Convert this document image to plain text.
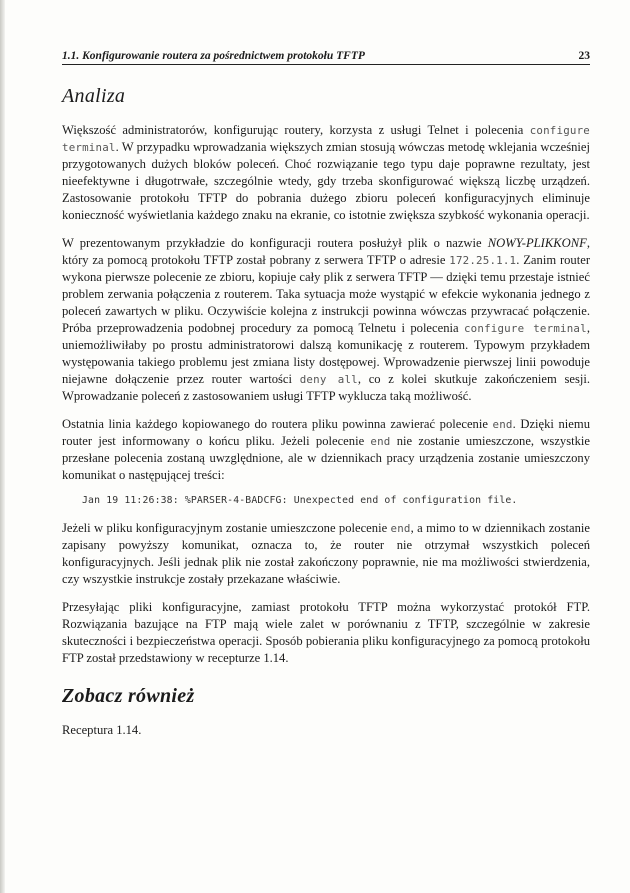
1.1. Konfigurowanie routera za pośrednictwem protokołu TFTP	23
Analiza

Większość administratorów, konfigurując routery, korzysta z usługi Telnet i polecenia configure terminal. W przypadku wprowadzania większych zmian stosują wówczas metodę wklejania wcześniej przygotowanych dużych bloków poleceń. Choć rozwiązanie tego typu daje poprawne rezultaty, jest nieefektywne i długotrwałe, szczególnie wtedy, gdy trzeba skonfigurować większą liczbę urządzeń. Zastosowanie protokołu TFTP do pobrania dużego zbioru poleceń konfiguracyjnych eliminuje konieczność wyświetlania każdego znaku na ekranie, co istotnie zwiększa szybkość wykonania operacji.

W prezentowanym przykładzie do konfiguracji routera posłużył plik o nazwie NOWY-PLIKKONF, który za pomocą protokołu TFTP został pobrany z serwera TFTP o adresie 172.25.1.1. Zanim router wykona pierwsze polecenie ze zbioru, kopiuje cały plik z serwera TFTP — dzięki temu przestaje istnieć problem zerwania połączenia z routerem. Taka sytuacja może wystąpić w efekcie wykonania jednego z poleceń zawartych w pliku. Oczywiście kolejna z instrukcji powinna wówczas przywracać połączenie. Próba przeprowadzenia podobnej procedury za pomocą Telnetu i polecenia configure terminal, uniemożliwiłaby po prostu administratorowi dalszą komunikację z routerem. Typowym przykładem występowania takiego problemu jest zmiana listy dostępowej. Wprowadzenie pierwszej linii powoduje niejawne dołączenie przez router wartości deny all, co z kolei skutkuje zakończeniem sesji. Wprowadzanie poleceń z zastosowaniem usługi TFTP wyklucza taką możliwość.

Ostatnia linia każdego kopiowanego do routera pliku powinna zawierać polecenie end. Dzięki niemu router jest informowany o końcu pliku. Jeżeli polecenie end nie zostanie umieszczone, wszystkie przesłane polecenia zostaną uwzględnione, ale w dziennikach pracy urządzenia zostanie umieszczony komunikat o następującej treści:

Jan 19 11:26:38: %PARSER-4-BADCFG: Unexpected end of configuration file.

Jeżeli w pliku konfiguracyjnym zostanie umieszczone polecenie end, a mimo to w dziennikach zostanie zapisany powyższy komunikat, oznacza to, że router nie otrzymał wszystkich poleceń konfiguracyjnych. Jeśli jednak plik nie został zakończony poprawnie, nie ma możliwości stwierdzenia, czy wszystkie instrukcje zostały przekazane właściwie.

Przesyłając pliki konfiguracyjne, zamiast protokołu TFTP można wykorzystać protokół FTP. Rozwiązania bazujące na FTP mają wiele zalet w porównaniu z TFTP, szczególnie w zakresie skuteczności i bezpieczeństwa operacji. Sposób pobierania pliku konfiguracyjnego za pomocą protokołu FTP został przedstawiony w recepturze 1.14.

Zobacz również

Receptura 1.14.
